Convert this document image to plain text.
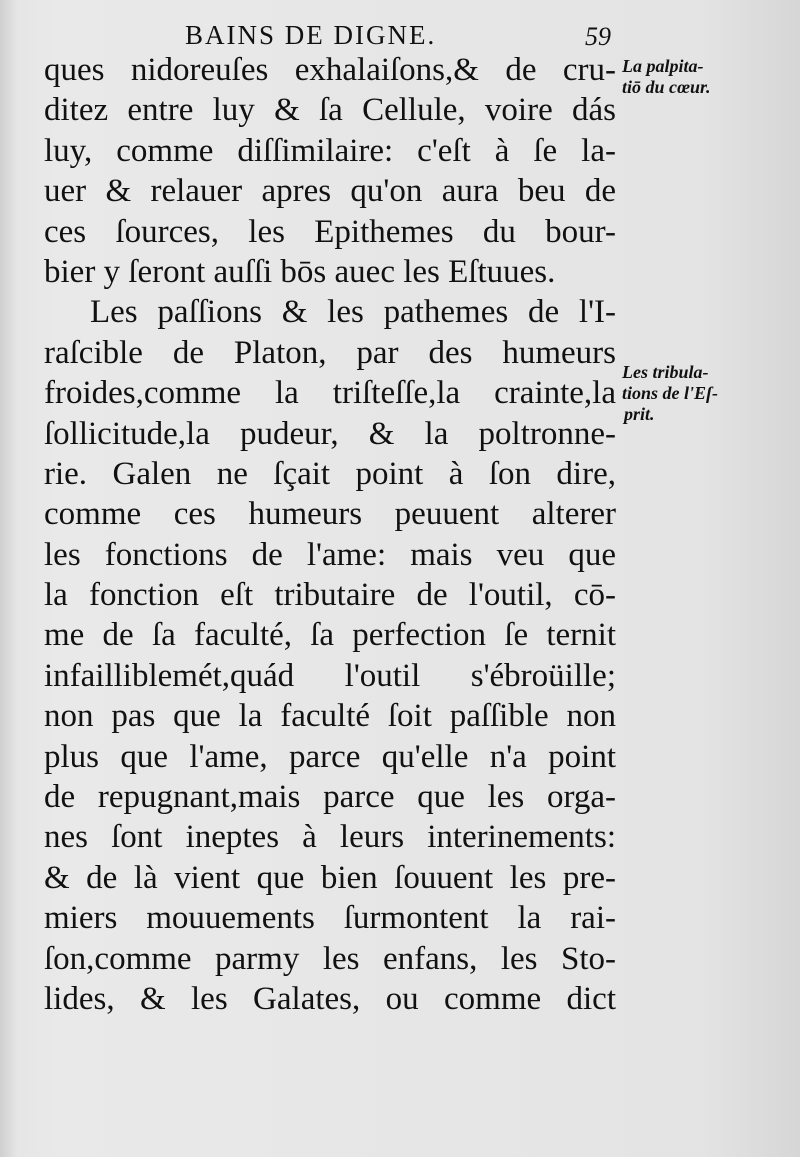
BAINS DE DIGNE.	59
ques nidoreuſes exhalaiſons,& de cru-
ditez entre luy & ſa Cellule, voire dás
luy, comme diſſimilaire: c'eſt à ſe la-
uer & relauer apres qu'on aura beu de
ces ſources, les Epithemes du bour-
bier y ſeront auſſi bōs auec les Eſtuues.
Les paſſions & les pathemes de l'I-
raſcible de Platon, par des humeurs
froides,comme la triſteſſe,la crainte,la
ſollicitude,la pudeur, & la poltronne-
rie. Galen ne ſçait point à ſon dire,
comme ces humeurs peuuent alterer
les fonctions de l'ame: mais veu que
la fonction eſt tributaire de l'outil, cō-
me de ſa faculté, ſa perfection ſe ternit
infailliblemét,quád l'outil s'ébroüille;
non pas que la faculté ſoit paſſible non
plus que l'ame, parce qu'elle n'a point
de repugnant,mais parce que les orga-
nes ſont ineptes à leurs interinements:
& de là vient que bien ſouuent les pre-
miers mouuements ſurmontent la rai-
ſon,comme parmy les enfans, les Sto-
lides, & les Galates, ou comme dict
La palpita-
tiō du cœur.
Les tribula-
tions de l'Eſ-
prit.
